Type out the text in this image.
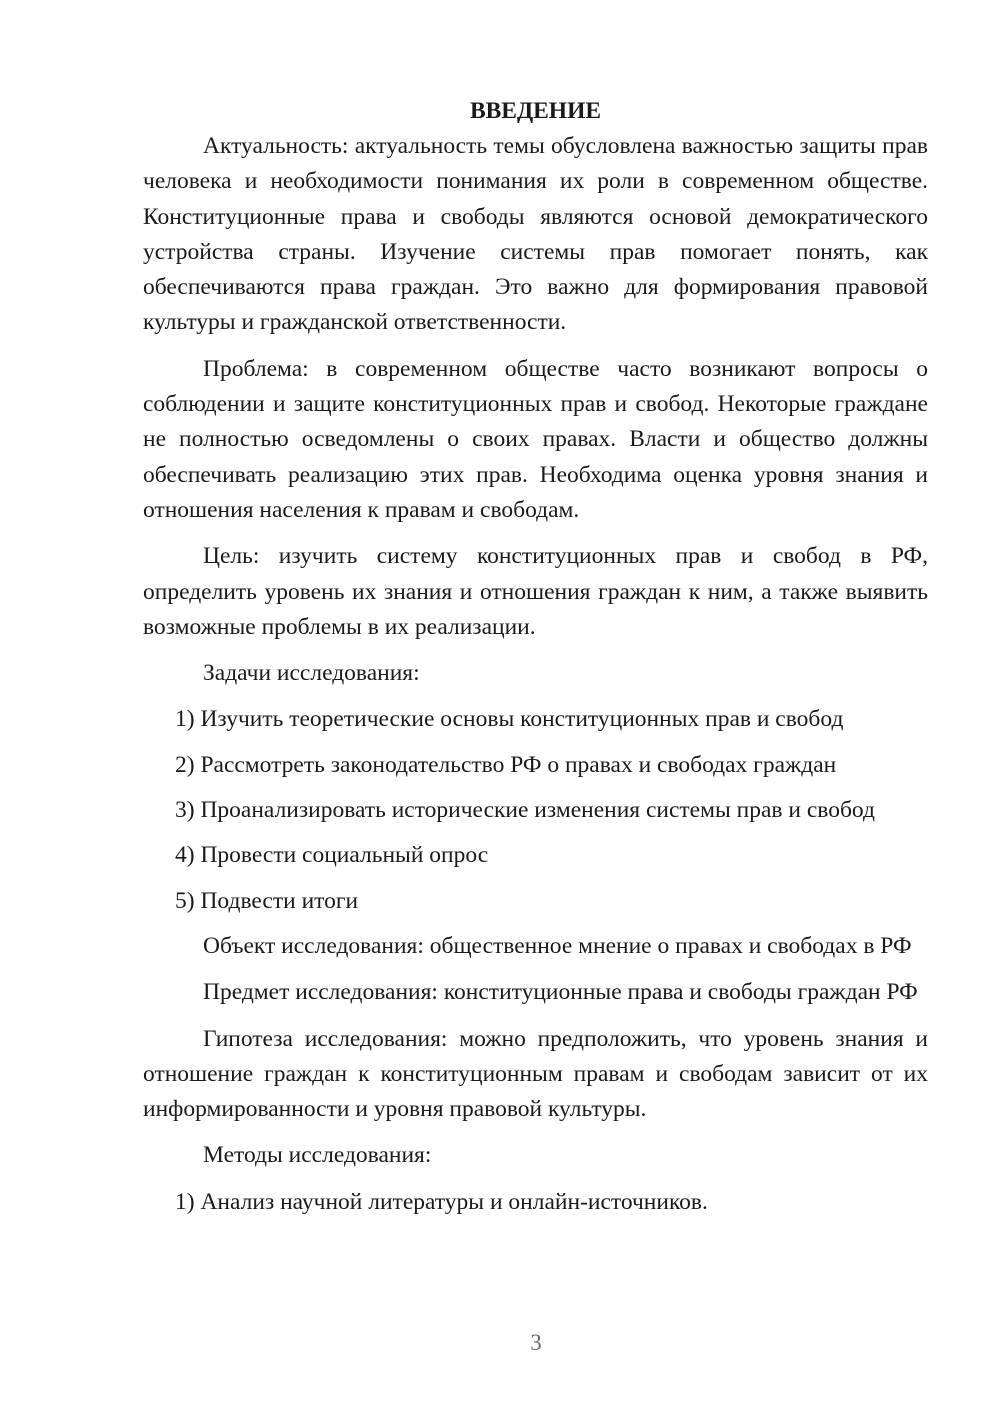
ВВЕДЕНИЕ

Актуальность: актуальность темы обусловлена важностью защиты прав человека и необходимости понимания их роли в современном обществе. Конституционные права и свободы являются основой демократического устройства страны. Изучение системы прав помогает понять, как обеспечиваются права граждан. Это важно для формирования правовой культуры и гражданской ответственности.

Проблема: в современном обществе часто возникают вопросы о соблюдении и защите конституционных прав и свобод. Некоторые граждане не полностью осведомлены о своих правах. Власти и общество должны обеспечивать реализацию этих прав. Необходима оценка уровня знания и отношения населения к правам и свободам.

Цель: изучить систему конституционных прав и свобод в РФ, определить уровень их знания и отношения граждан к ним, а также выявить возможные проблемы в их реализации.

Задачи исследования:

1) Изучить теоретические основы конституционных прав и свобод

2) Рассмотреть законодательство РФ о правах и свободах граждан

3) Проанализировать исторические изменения системы прав и свобод

4) Провести социальный опрос

5) Подвести итоги

Объект исследования: общественное мнение о правах и свободах в РФ

Предмет исследования: конституционные права и свободы граждан РФ

Гипотеза исследования: можно предположить, что уровень знания и отношение граждан к конституционным правам и свободам зависит от их информированности и уровня правовой культуры.

Методы исследования:

1) Анализ научной литературы и онлайн-источников.

3
